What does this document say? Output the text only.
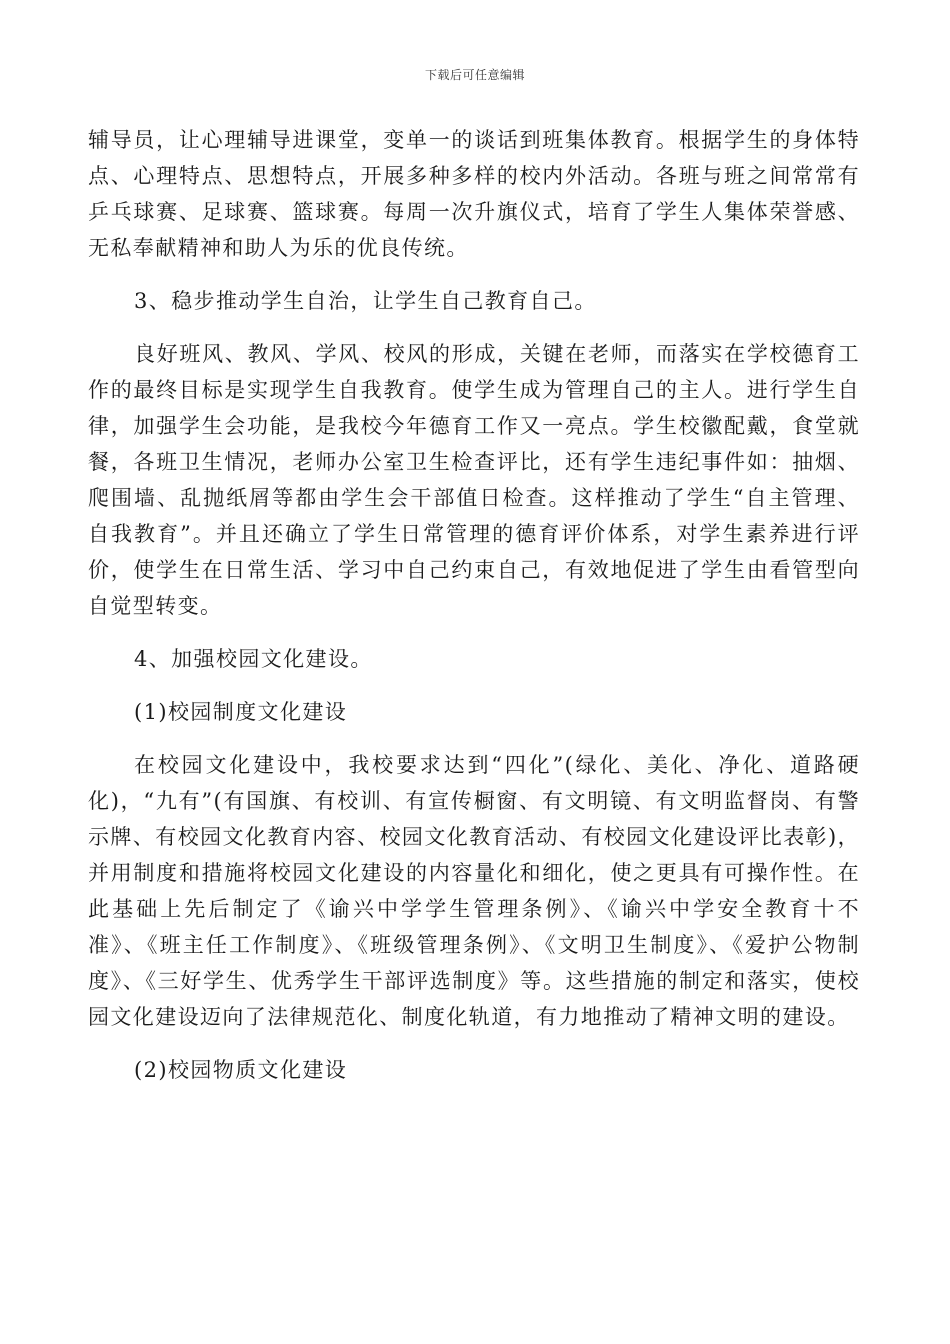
下载后可任意编辑

辅导员，让心理辅导进课堂，变单一的谈话到班集体教育。根据学生的身体特点、心理特点、思想特点，开展多种多样的校内外活动。各班与班之间常常有乒乓球赛、足球赛、篮球赛。每周一次升旗仪式，培育了学生人集体荣誉感、无私奉献精神和助人为乐的优良传统。

3、稳步推动学生自治，让学生自己教育自己。

良好班风、教风、学风、校风的形成，关键在老师，而落实在学校德育工作的最终目标是实现学生自我教育。使学生成为管理自己的主人。进行学生自律，加强学生会功能，是我校今年德育工作又一亮点。学生校徽配戴，食堂就餐，各班卫生情况，老师办公室卫生检查评比，还有学生违纪事件如：抽烟、爬围墙、乱抛纸屑等都由学生会干部值日检查。这样推动了学生“自主管理、自我教育”。并且还确立了学生日常管理的德育评价体系，对学生素养进行评价，使学生在日常生活、学习中自己约束自己，有效地促进了学生由看管型向自觉型转变。

4、加强校园文化建设。

(1)校园制度文化建设

在校园文化建设中，我校要求达到“四化”(绿化、美化、净化、道路硬化)，“九有”(有国旗、有校训、有宣传橱窗、有文明镜、有文明监督岗、有警示牌、有校园文化教育内容、校园文化教育活动、有校园文化建设评比表彰)，并用制度和措施将校园文化建设的内容量化和细化，使之更具有可操作性。在此基础上先后制定了《谕兴中学学生管理条例》、《谕兴中学安全教育十不准》、《班主任工作制度》、《班级管理条例》、《文明卫生制度》、《爱护公物制度》、《三好学生、优秀学生干部评选制度》等。这些措施的制定和落实，使校园文化建设迈向了法律规范化、制度化轨道，有力地推动了精神文明的建设。

(2)校园物质文化建设
